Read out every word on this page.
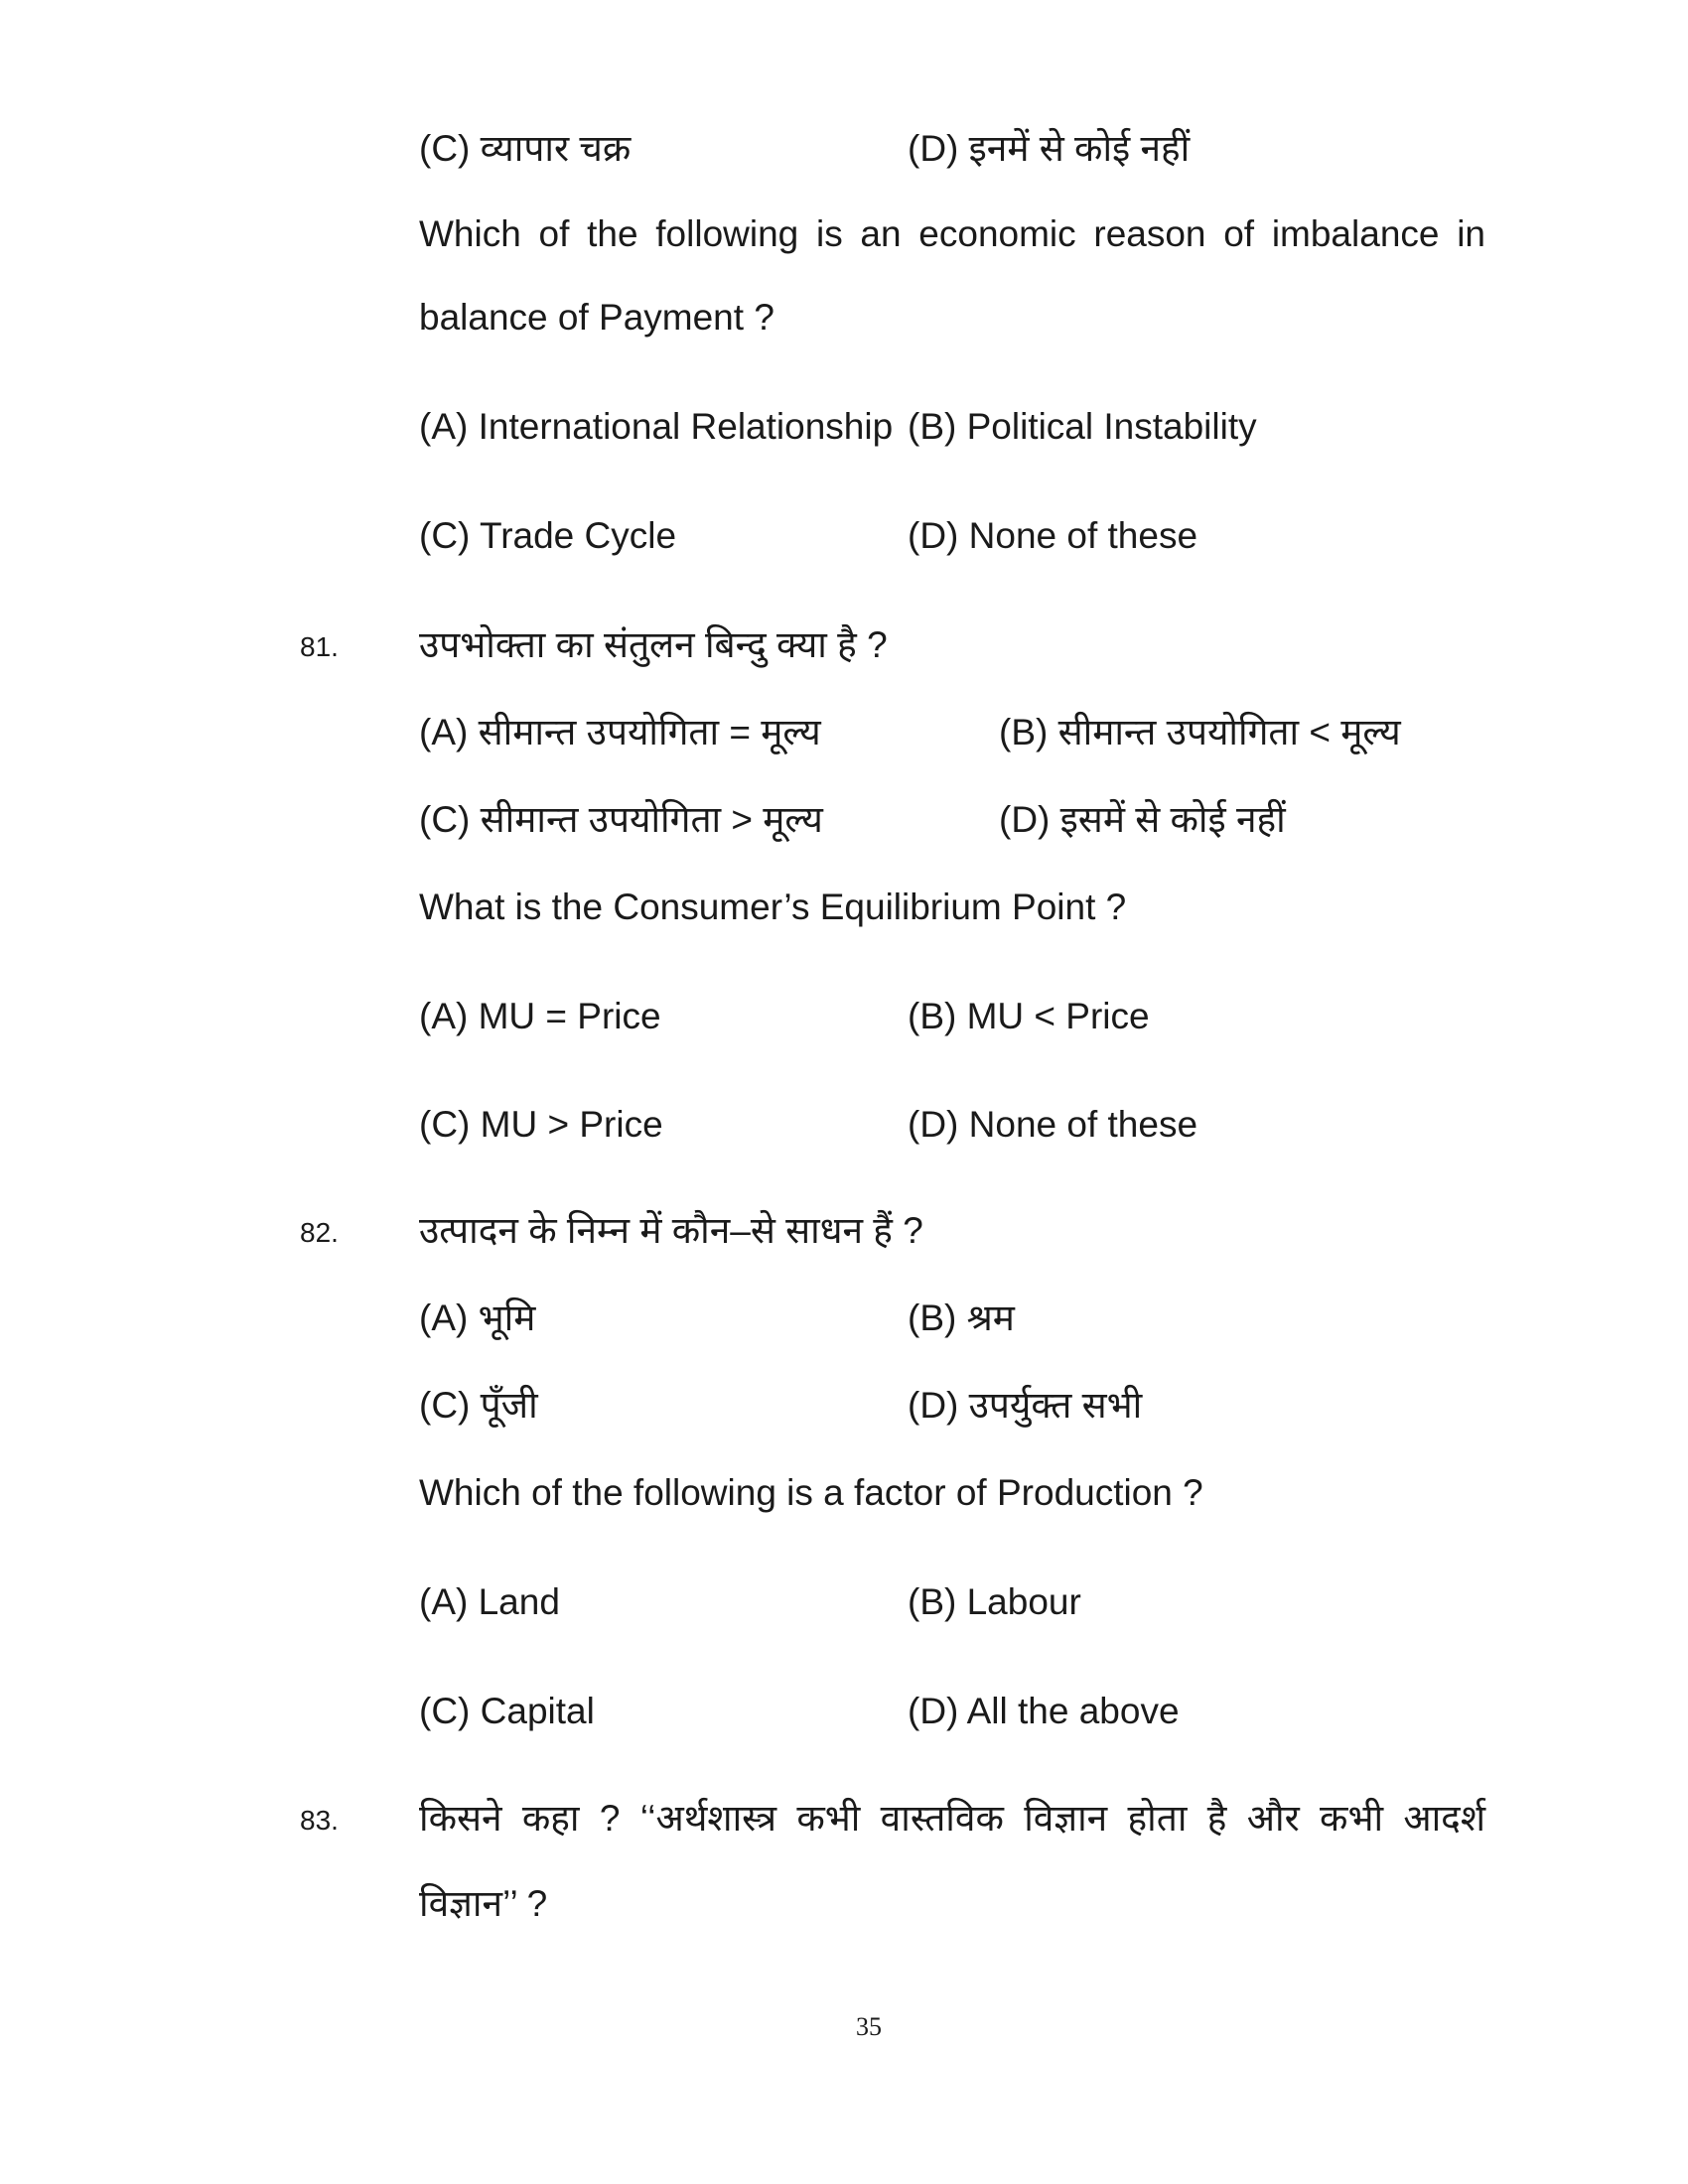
(C) व्यापार चक्र	(D) इनमें से कोई नहीं
Which of the following is an economic reason of imbalance in
balance of Payment ?
(A) International Relationship (B) Political Instability
(C) Trade Cycle	(D) None of these
81. उपभोक्ता का संतुलन बिन्दु क्या है ?
(A) सीमान्त उपयोगिता = मूल्य	(B) सीमान्त उपयोगिता < मूल्य
(C) सीमान्त उपयोगिता > मूल्य	(D) इसमें से कोई नहीं
What is the Consumer’s Equilibrium Point ?
(A) MU = Price	(B) MU < Price
(C) MU > Price	(D) None of these
82. उत्पादन के निम्न में कौन–से साधन हैं ?
(A) भूमि	(B) श्रम
(C) पूँजी	(D) उपर्युक्त सभी
Which of the following is a factor of Production ?
(A) Land	(B) Labour
(C) Capital	(D) All the above
83. किसने कहा ? ‘‘अर्थशास्त्र कभी वास्तविक विज्ञान होता है और कभी आदर्श
विज्ञान’’ ?
35
